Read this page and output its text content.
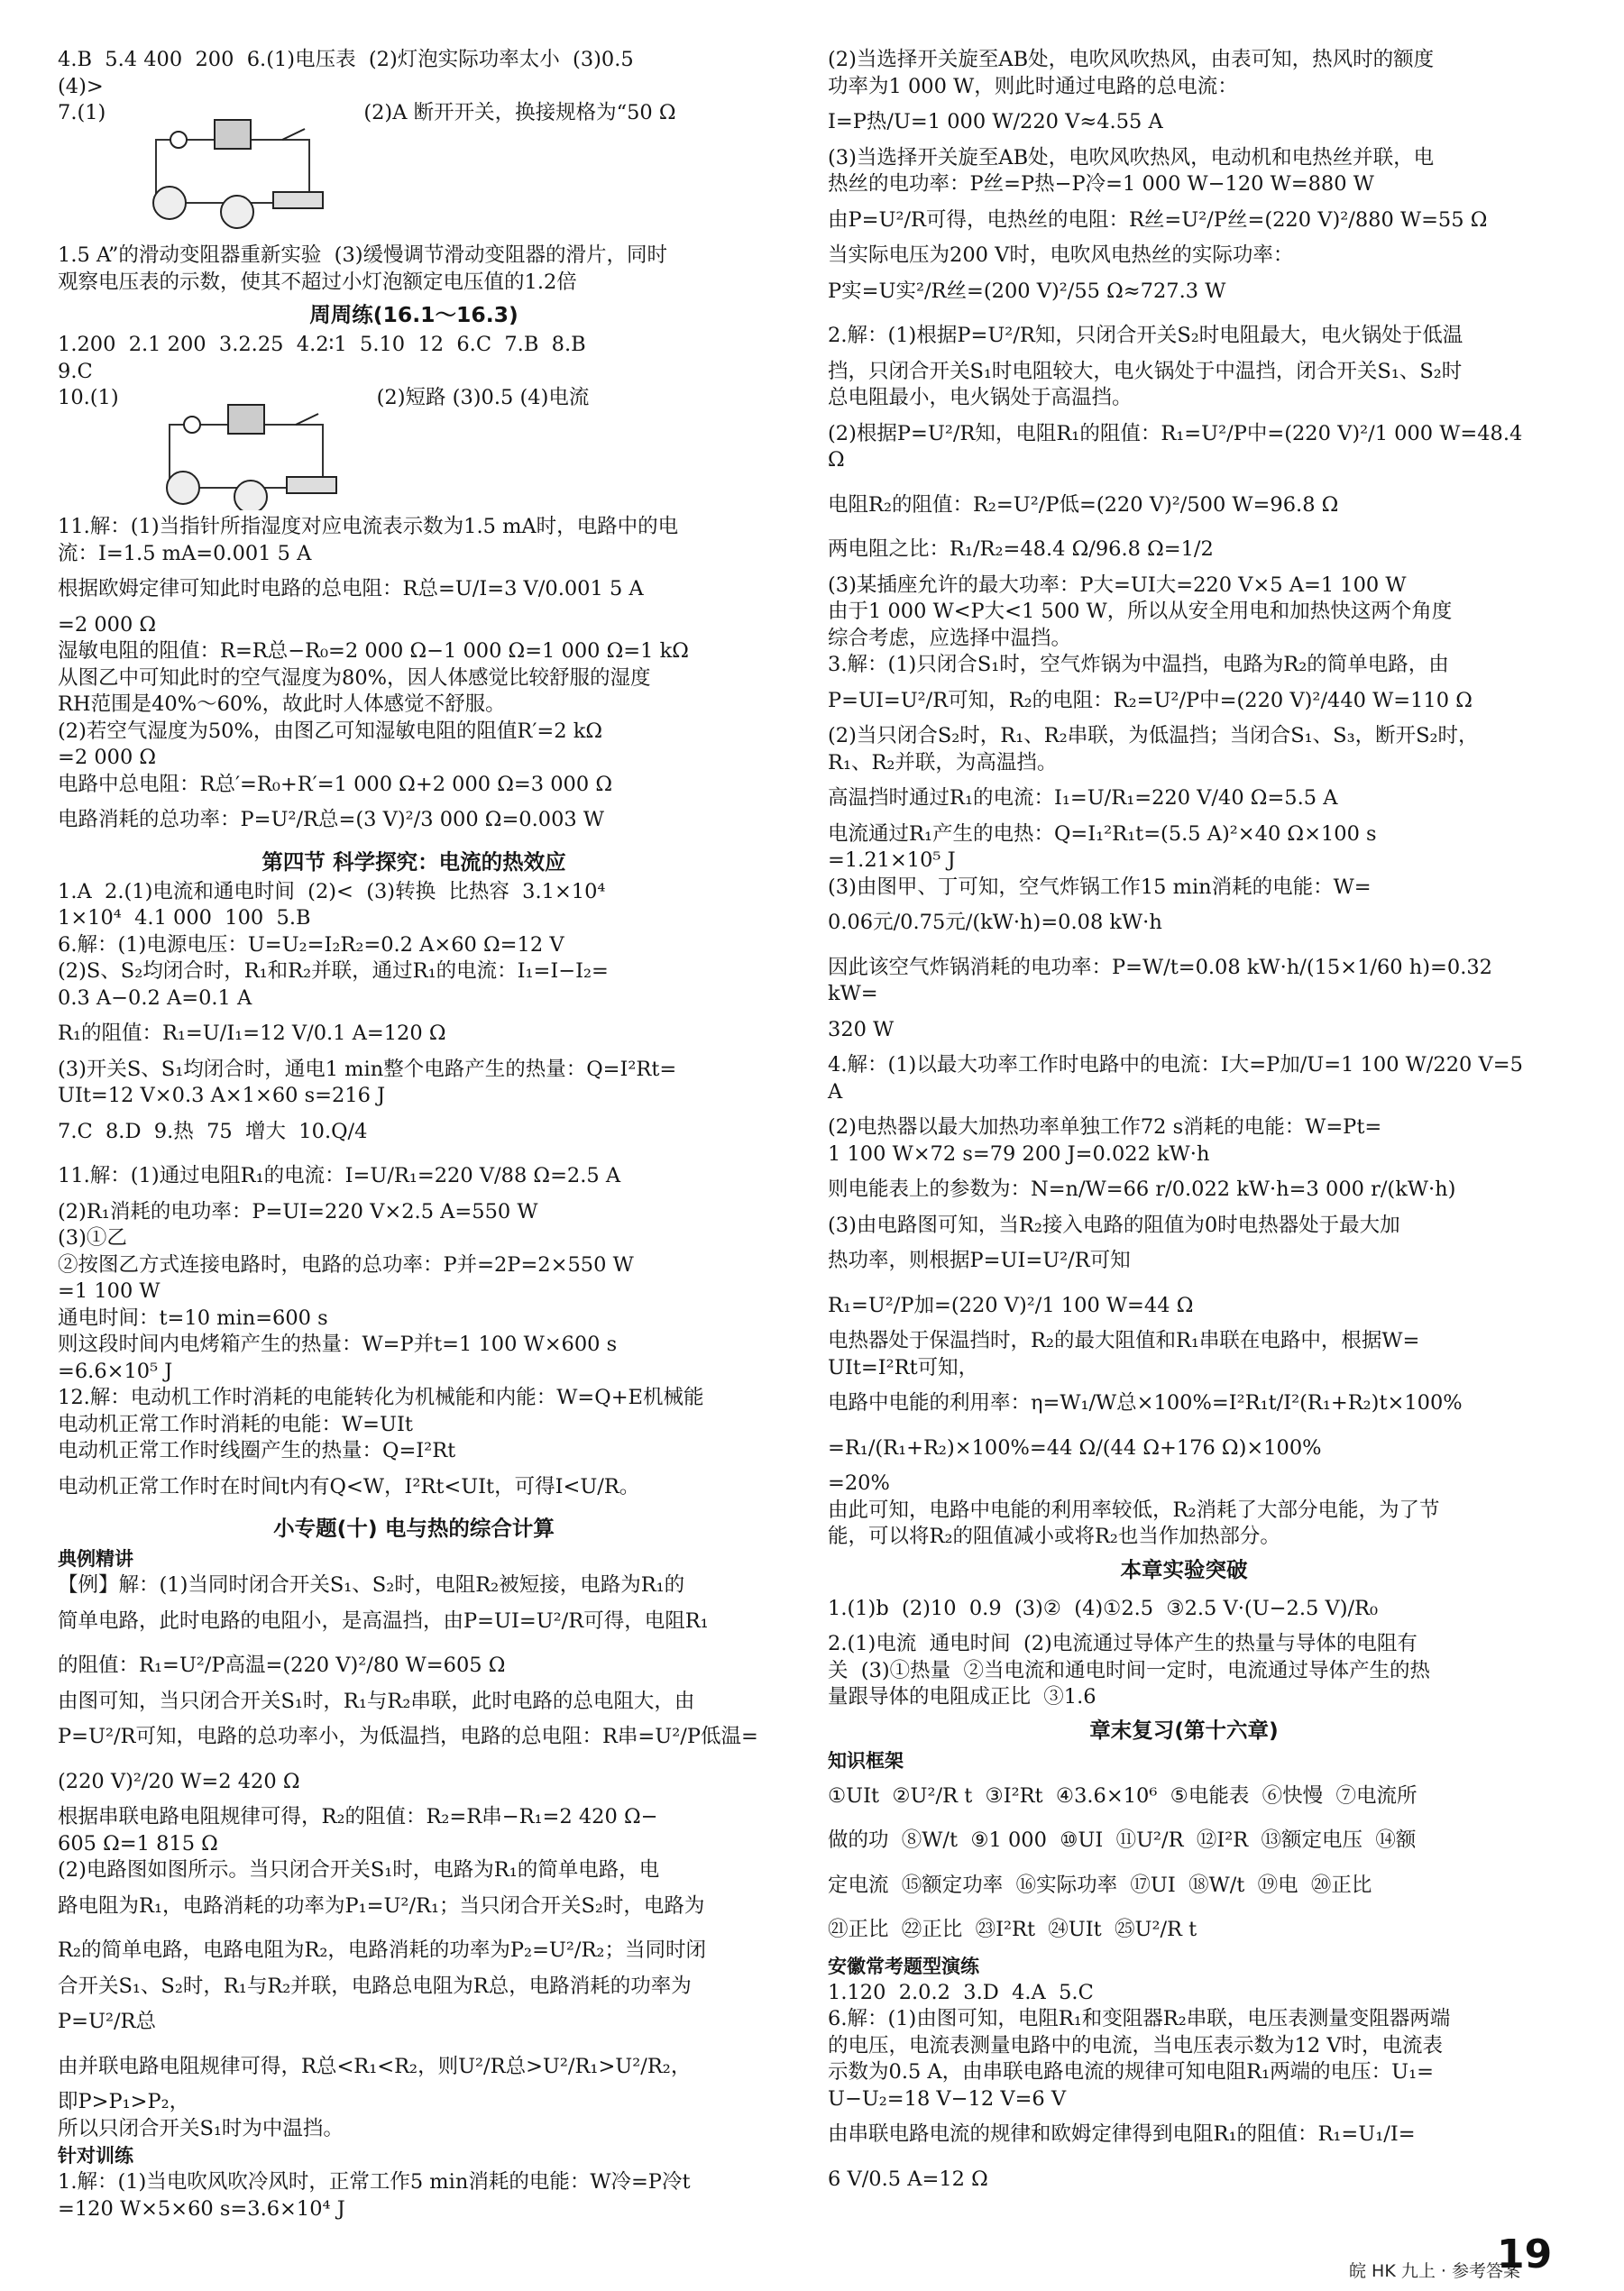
4.B  5.4 400  200  6.(1)电压表  (2)灯泡实际功率太小  (3)0.5

(4)>

7.(1)	(2)A 断开开关，换接规格为“50 Ω

1.5 A”的滑动变阻器重新实验  (3)缓慢调节滑动变阻器的滑片，同时

观察电压表的示数，使其不超过小灯泡额定电压值的1.2倍

周周练(16.1～16.3)

1.200  2.1 200  3.2.25  4.2∶1  5.10  12  6.C  7.B  8.B

9.C

10.(1)	(2)短路 (3)0.5 (4)电流

11.解：(1)当指针所指湿度对应电流表示数为1.5 mA时，电路中的电

流：I=1.5 mA=0.001 5 A

根据欧姆定律可知此时电路的总电阻：R总=U/I=3 V/0.001 5 A

=2 000 Ω

湿敏电阻的阻值：R=R总−R₀=2 000 Ω−1 000 Ω=1 000 Ω=1 kΩ

从图乙中可知此时的空气湿度为80%，因人体感觉比较舒服的湿度

RH范围是40%～60%，故此时人体感觉不舒服。

(2)若空气湿度为50%，由图乙可知湿敏电阻的阻值R′=2 kΩ

=2 000 Ω

电路中总电阻：R总′=R₀+R′=1 000 Ω+2 000 Ω=3 000 Ω

电路消耗的总功率：P=U²/R总=(3 V)²/3 000 Ω=0.003 W

第四节 科学探究：电流的热效应

1.A  2.(1)电流和通电时间  (2)<  (3)转换  比热容  3.1×10⁴

1×10⁴  4.1 000  100  5.B

6.解：(1)电源电压：U=U₂=I₂R₂=0.2 A×60 Ω=12 V

(2)S、S₂均闭合时，R₁和R₂并联，通过R₁的电流：I₁=I−I₂=

0.3 A−0.2 A=0.1 A

R₁的阻值：R₁=U/I₁=12 V/0.1 A=120 Ω

(3)开关S、S₁均闭合时，通电1 min整个电路产生的热量：Q=I²Rt=

UIt=12 V×0.3 A×1×60 s=216 J

7.C  8.D  9.热  75  增大  10.Q/4

11.解：(1)通过电阻R₁的电流：I=U/R₁=220 V/88 Ω=2.5 A

(2)R₁消耗的电功率：P=UI=220 V×2.5 A=550 W

(3)①乙

②按图乙方式连接电路时，电路的总功率：P并=2P=2×550 W

=1 100 W

通电时间：t=10 min=600 s

则这段时间内电烤箱产生的热量：W=P并t=1 100 W×600 s

=6.6×10⁵ J

12.解：电动机工作时消耗的电能转化为机械能和内能：W=Q+E机械能

电动机正常工作时消耗的电能：W=UIt

电动机正常工作时线圈产生的热量：Q=I²Rt

电动机正常工作时在时间t内有Q<W，I²Rt<UIt，可得I<U/R。

小专题(十) 电与热的综合计算
典例精讲

【例】解：(1)当同时闭合开关S₁、S₂时，电阻R₂被短接，电路为R₁的

简单电路，此时电路的电阻小，是高温挡，由P=UI=U²/R可得，电阻R₁

的阻值：R₁=U²/P高温=(220 V)²/80 W=605 Ω

由图可知，当只闭合开关S₁时，R₁与R₂串联，此时电路的总电阻大，由

P=U²/R可知，电路的总功率小，为低温挡，电路的总电阻：R串=U²/P低温=

(220 V)²/20 W=2 420 Ω

根据串联电路电阻规律可得，R₂的阻值：R₂=R串−R₁=2 420 Ω−

605 Ω=1 815 Ω

(2)电路图如图所示。当只闭合开关S₁时，电路为R₁的简单电路，电

路电阻为R₁，电路消耗的功率为P₁=U²/R₁；当只闭合开关S₂时，电路为

R₂的简单电路，电路电阻为R₂，电路消耗的功率为P₂=U²/R₂；当同时闭

合开关S₁、S₂时，R₁与R₂并联，电路总电阻为R总，电路消耗的功率为

P=U²/R总

由并联电路电阻规律可得，R总<R₁<R₂，则U²/R总>U²/R₁>U²/R₂，

即P>P₁>P₂，

所以只闭合开关S₁时为中温挡。

针对训练

1.解：(1)当电吹风吹冷风时，正常工作5 min消耗的电能：W冷=P冷t

=120 W×5×60 s=3.6×10⁴ J

(2)当选择开关旋至AB处，电吹风吹热风，由表可知，热风时的额度

功率为1 000 W，则此时通过电路的总电流：

I=P热/U=1 000 W/220 V≈4.55 A

(3)当选择开关旋至AB处，电吹风吹热风，电动机和电热丝并联，电

热丝的电功率：P丝=P热−P冷=1 000 W−120 W=880 W

由P=U²/R可得，电热丝的电阻：R丝=U²/P丝=(220 V)²/880 W=55 Ω

当实际电压为200 V时，电吹风电热丝的实际功率：

P实=U实²/R丝=(200 V)²/55 Ω≈727.3 W

2.解：(1)根据P=U²/R知，只闭合开关S₂时电阻最大，电火锅处于低温

挡，只闭合开关S₁时电阻较大，电火锅处于中温挡，闭合开关S₁、S₂时

总电阻最小，电火锅处于高温挡。

(2)根据P=U²/R知，电阻R₁的阻值：R₁=U²/P中=(220 V)²/1 000 W=48.4 Ω

电阻R₂的阻值：R₂=U²/P低=(220 V)²/500 W=96.8 Ω

两电阻之比：R₁/R₂=48.4 Ω/96.8 Ω=1/2

(3)某插座允许的最大功率：P大=UI大=220 V×5 A=1 100 W

由于1 000 W<P大<1 500 W，所以从安全用电和加热快这两个角度

综合考虑，应选择中温挡。

3.解：(1)只闭合S₁时，空气炸锅为中温挡，电路为R₂的简单电路，由

P=UI=U²/R可知，R₂的电阻：R₂=U²/P中=(220 V)²/440 W=110 Ω

(2)当只闭合S₂时，R₁、R₂串联，为低温挡；当闭合S₁、S₃，断开S₂时，

R₁、R₂并联，为高温挡。

高温挡时通过R₁的电流：I₁=U/R₁=220 V/40 Ω=5.5 A

电流通过R₁产生的电热：Q=I₁²R₁t=(5.5 A)²×40 Ω×100 s

=1.21×10⁵ J

(3)由图甲、丁可知，空气炸锅工作15 min消耗的电能：W=

0.06元/0.75元/(kW·h)=0.08 kW·h

因此该空气炸锅消耗的电功率：P=W/t=0.08 kW·h/(15×1/60 h)=0.32 kW=

320 W

4.解：(1)以最大功率工作时电路中的电流：I大=P加/U=1 100 W/220 V=5 A

(2)电热器以最大加热功率单独工作72 s消耗的电能：W=Pt=

1 100 W×72 s=79 200 J=0.022 kW·h

则电能表上的参数为：N=n/W=66 r/0.022 kW·h=3 000 r/(kW·h)

(3)由电路图可知，当R₂接入电路的阻值为0时电热器处于最大加

热功率，则根据P=UI=U²/R可知

R₁=U²/P加=(220 V)²/1 100 W=44 Ω

电热器处于保温挡时，R₂的最大阻值和R₁串联在电路中，根据W=

UIt=I²Rt可知，

电路中电能的利用率：η=W₁/W总×100%=I²R₁t/I²(R₁+R₂)t×100%

=R₁/(R₁+R₂)×100%=44 Ω/(44 Ω+176 Ω)×100%

=20%

由此可知，电路中电能的利用率较低，R₂消耗了大部分电能，为了节

能，可以将R₂的阻值减小或将R₂也当作加热部分。

本章实验突破

1.(1)b  (2)10  0.9  (3)②  (4)①2.5  ③2.5 V·(U−2.5 V)/R₀

2.(1)电流  通电时间  (2)电流通过导体产生的热量与导体的电阻有

关  (3)①热量  ②当电流和通电时间一定时，电流通过导体产生的热

量跟导体的电阻成正比  ③1.6

章末复习(第十六章)
知识框架

①UIt  ②U²/R t  ③I²Rt  ④3.6×10⁶  ⑤电能表  ⑥快慢  ⑦电流所

做的功  ⑧W/t  ⑨1 000  ⑩UI  ⑪U²/R  ⑫I²R  ⑬额定电压  ⑭额

定电流  ⑮额定功率  ⑯实际功率  ⑰UI  ⑱W/t  ⑲电  ⑳正比

㉑正比  ㉒正比  ㉓I²Rt  ㉔UIt  ㉕U²/R t

安徽常考题型演练

1.120  2.0.2  3.D  4.A  5.C

6.解：(1)由图可知，电阻R₁和变阻器R₂串联，电压表测量变阻器两端

的电压，电流表测量电路中的电流，当电压表示数为12 V时，电流表

示数为0.5 A，由串联电路电流的规律可知电阻R₁两端的电压：U₁=

U−U₂=18 V−12 V=6 V

由串联电路电流的规律和欧姆定律得到电阻R₁的阻值：R₁=U₁/I=

6 V/0.5 A=12 Ω

皖 HK 九上 · 参考答案
19
